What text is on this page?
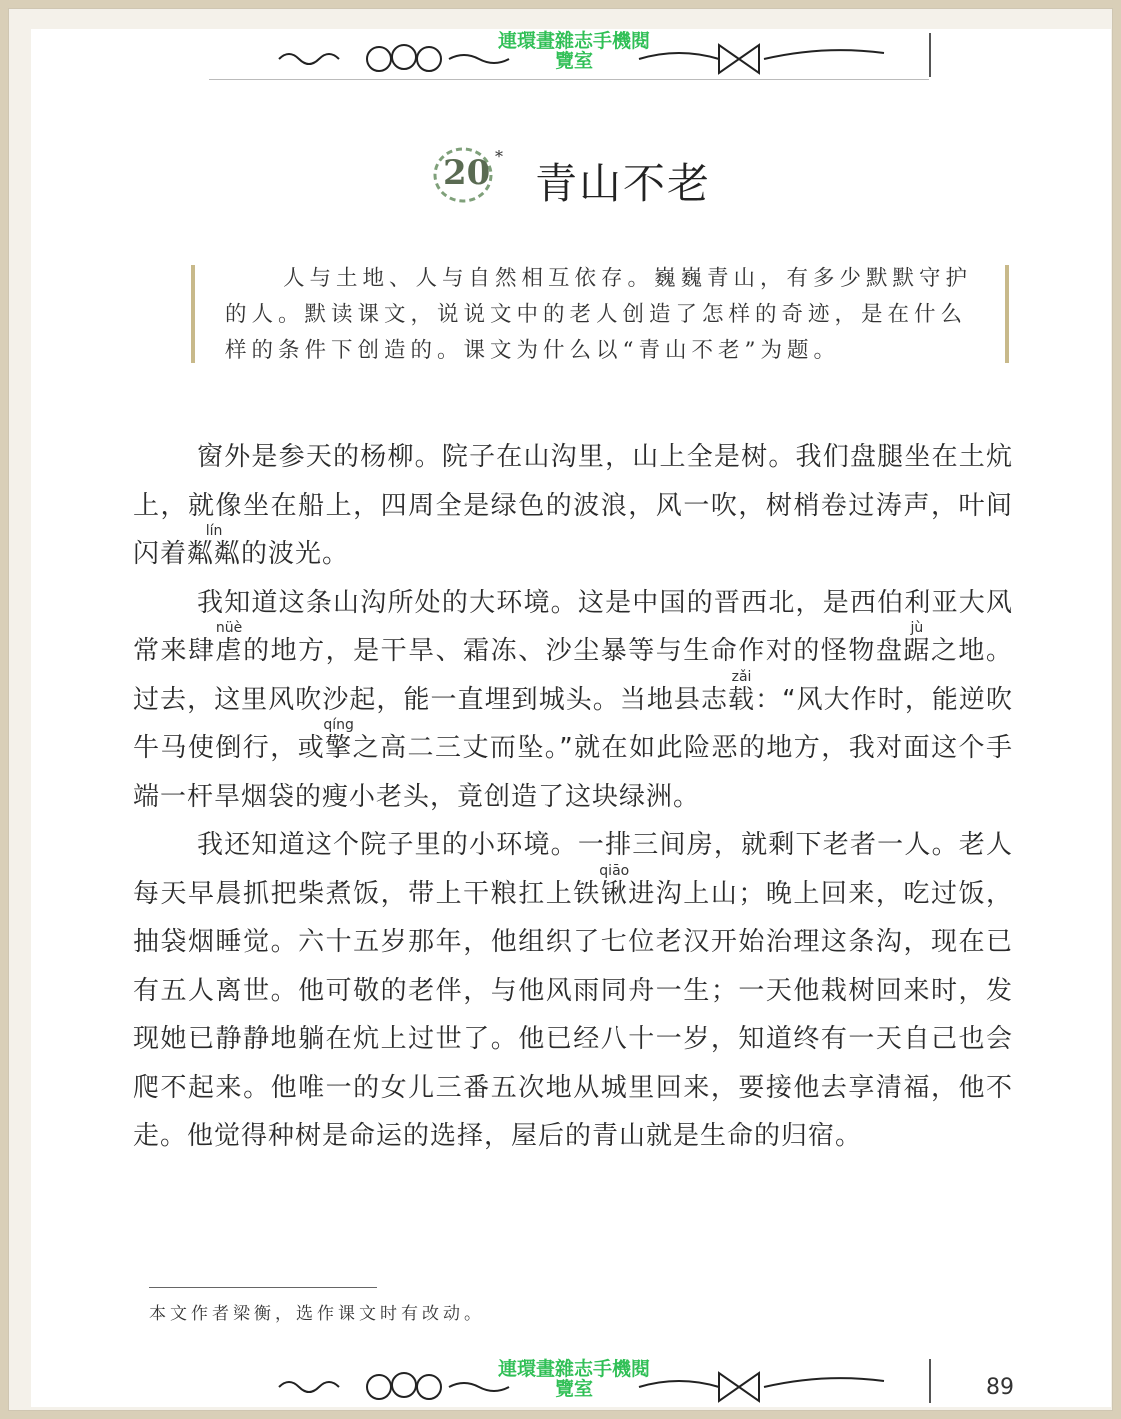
連環畫雜志手機閱
覽室
20 *
青山不老
人与土地、人与自然相互依存。巍巍青山，有多少默默守护的人。默读课文，说说文中的老人创造了怎样的奇迹，是在什么样的条件下创造的。课文为什么以“青山不老”为题。

窗外是参天的杨柳。院子在山沟里，山上全是树。我们盘腿坐在土炕上，就像坐在船上，四周全是绿色的波浪，风一吹，树梢卷过涛声，叶间闪着粼粼lín的波光。

我知道这条山沟所处的大环境。这是中国的晋西北，是西伯利亚大风常来肆虐nüè的地方，是干旱、霜冻、沙尘暴等与生命作对的怪物盘踞jù之地。过去，这里风吹沙起，能一直埋到城头。当地县志载zǎi：“风大作时，能逆吹牛马使倒行，或擎qíng之高二三丈而坠。”就在如此险恶的地方，我对面这个手端一杆旱烟袋的瘦小老头，竟创造了这块绿洲。

我还知道这个院子里的小环境。一排三间房，就剩下老者一人。老人每天早晨抓把柴煮饭，带上干粮扛上铁锹qiāo进沟上山；晚上回来，吃过饭，抽袋烟睡觉。六十五岁那年，他组织了七位老汉开始治理这条沟，现在已有五人离世。他可敬的老伴，与他风雨同舟一生；一天他栽树回来时，发现她已静静地躺在炕上过世了。他已经八十一岁，知道终有一天自己也会爬不起来。他唯一的女儿三番五次地从城里回来，要接他去享清福，他不走。他觉得种树是命运的选择，屋后的青山就是生命的归宿。

本文作者梁衡，选作课文时有改动。
連環畫雜志手機閱
覽室	89
